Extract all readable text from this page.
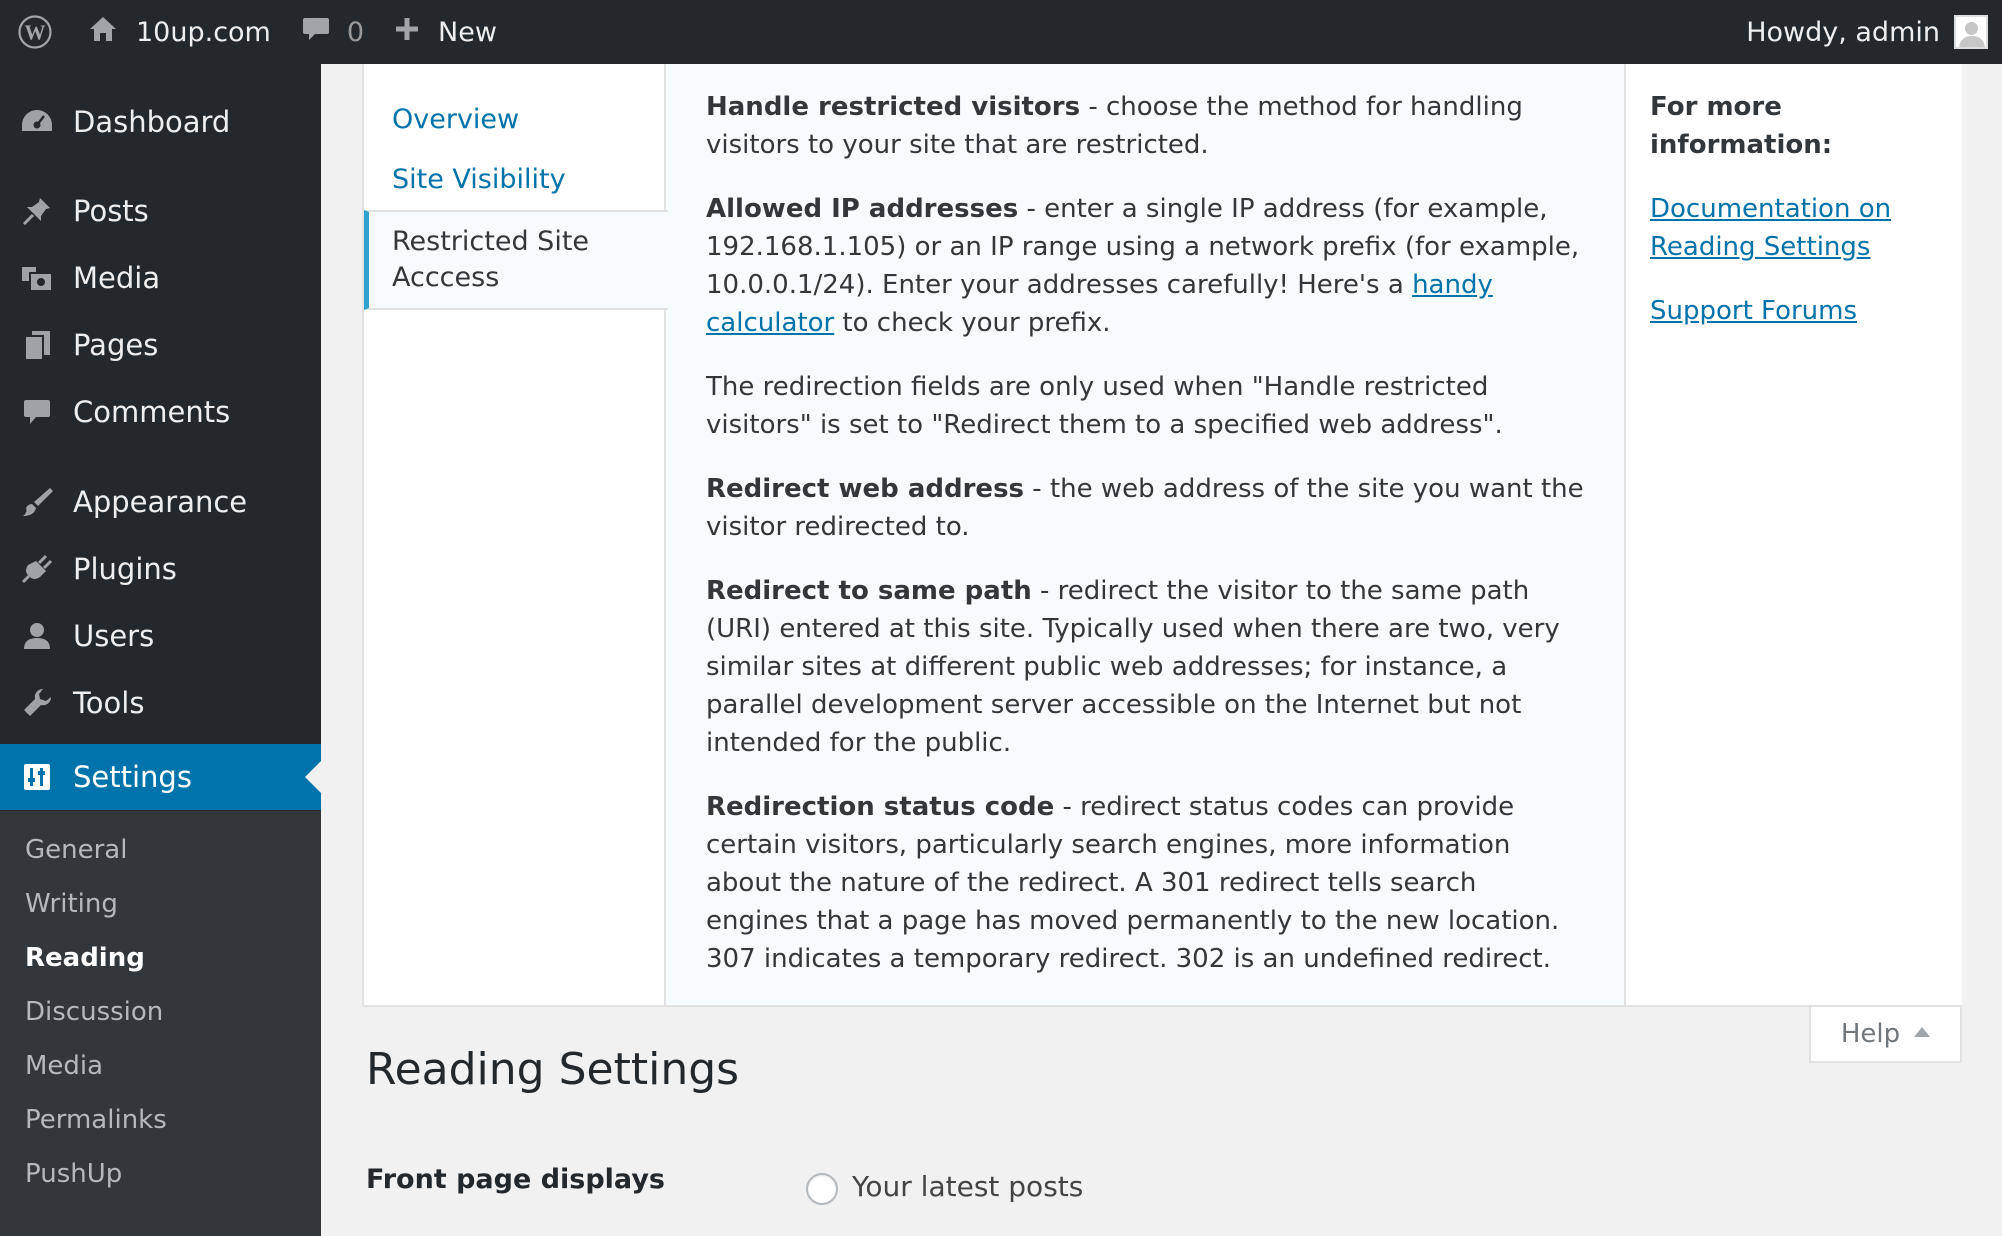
W	10up.com	0	New	Howdy, admin
Dashboard
Posts
Media
Pages
Comments
Appearance
Plugins
Users
Tools
Settings
General
Writing
Reading
Discussion
Media
Permalinks
PushUp
Overview
Site Visibility
Restricted Site Acccess

Handle restricted visitors - choose the method for handling visitors to your site that are restricted.

Allowed IP addresses - enter a single IP address (for example, 192.168.1.105) or an IP range using a network prefix (for example, 10.0.0.1/24). Enter your addresses carefully! Here's a handy calculator to check your prefix.

The redirection fields are only used when "Handle restricted visitors" is set to "Redirect them to a specified web address".

Redirect web address - the web address of the site you want the visitor redirected to.

Redirect to same path - redirect the visitor to the same path (URI) entered at this site. Typically used when there are two, very similar sites at different public web addresses; for instance, a parallel development server accessible on the Internet but not intended for the public.

Redirection status code - redirect status codes can provide certain visitors, particularly search engines, more information about the nature of the redirect. A 301 redirect tells search engines that a page has moved permanently to the new location. 307 indicates a temporary redirect. 302 is an undefined redirect.

For more information:
Documentation on Reading Settings
Support Forums
Help
Reading Settings
Front page displays	Your latest posts
